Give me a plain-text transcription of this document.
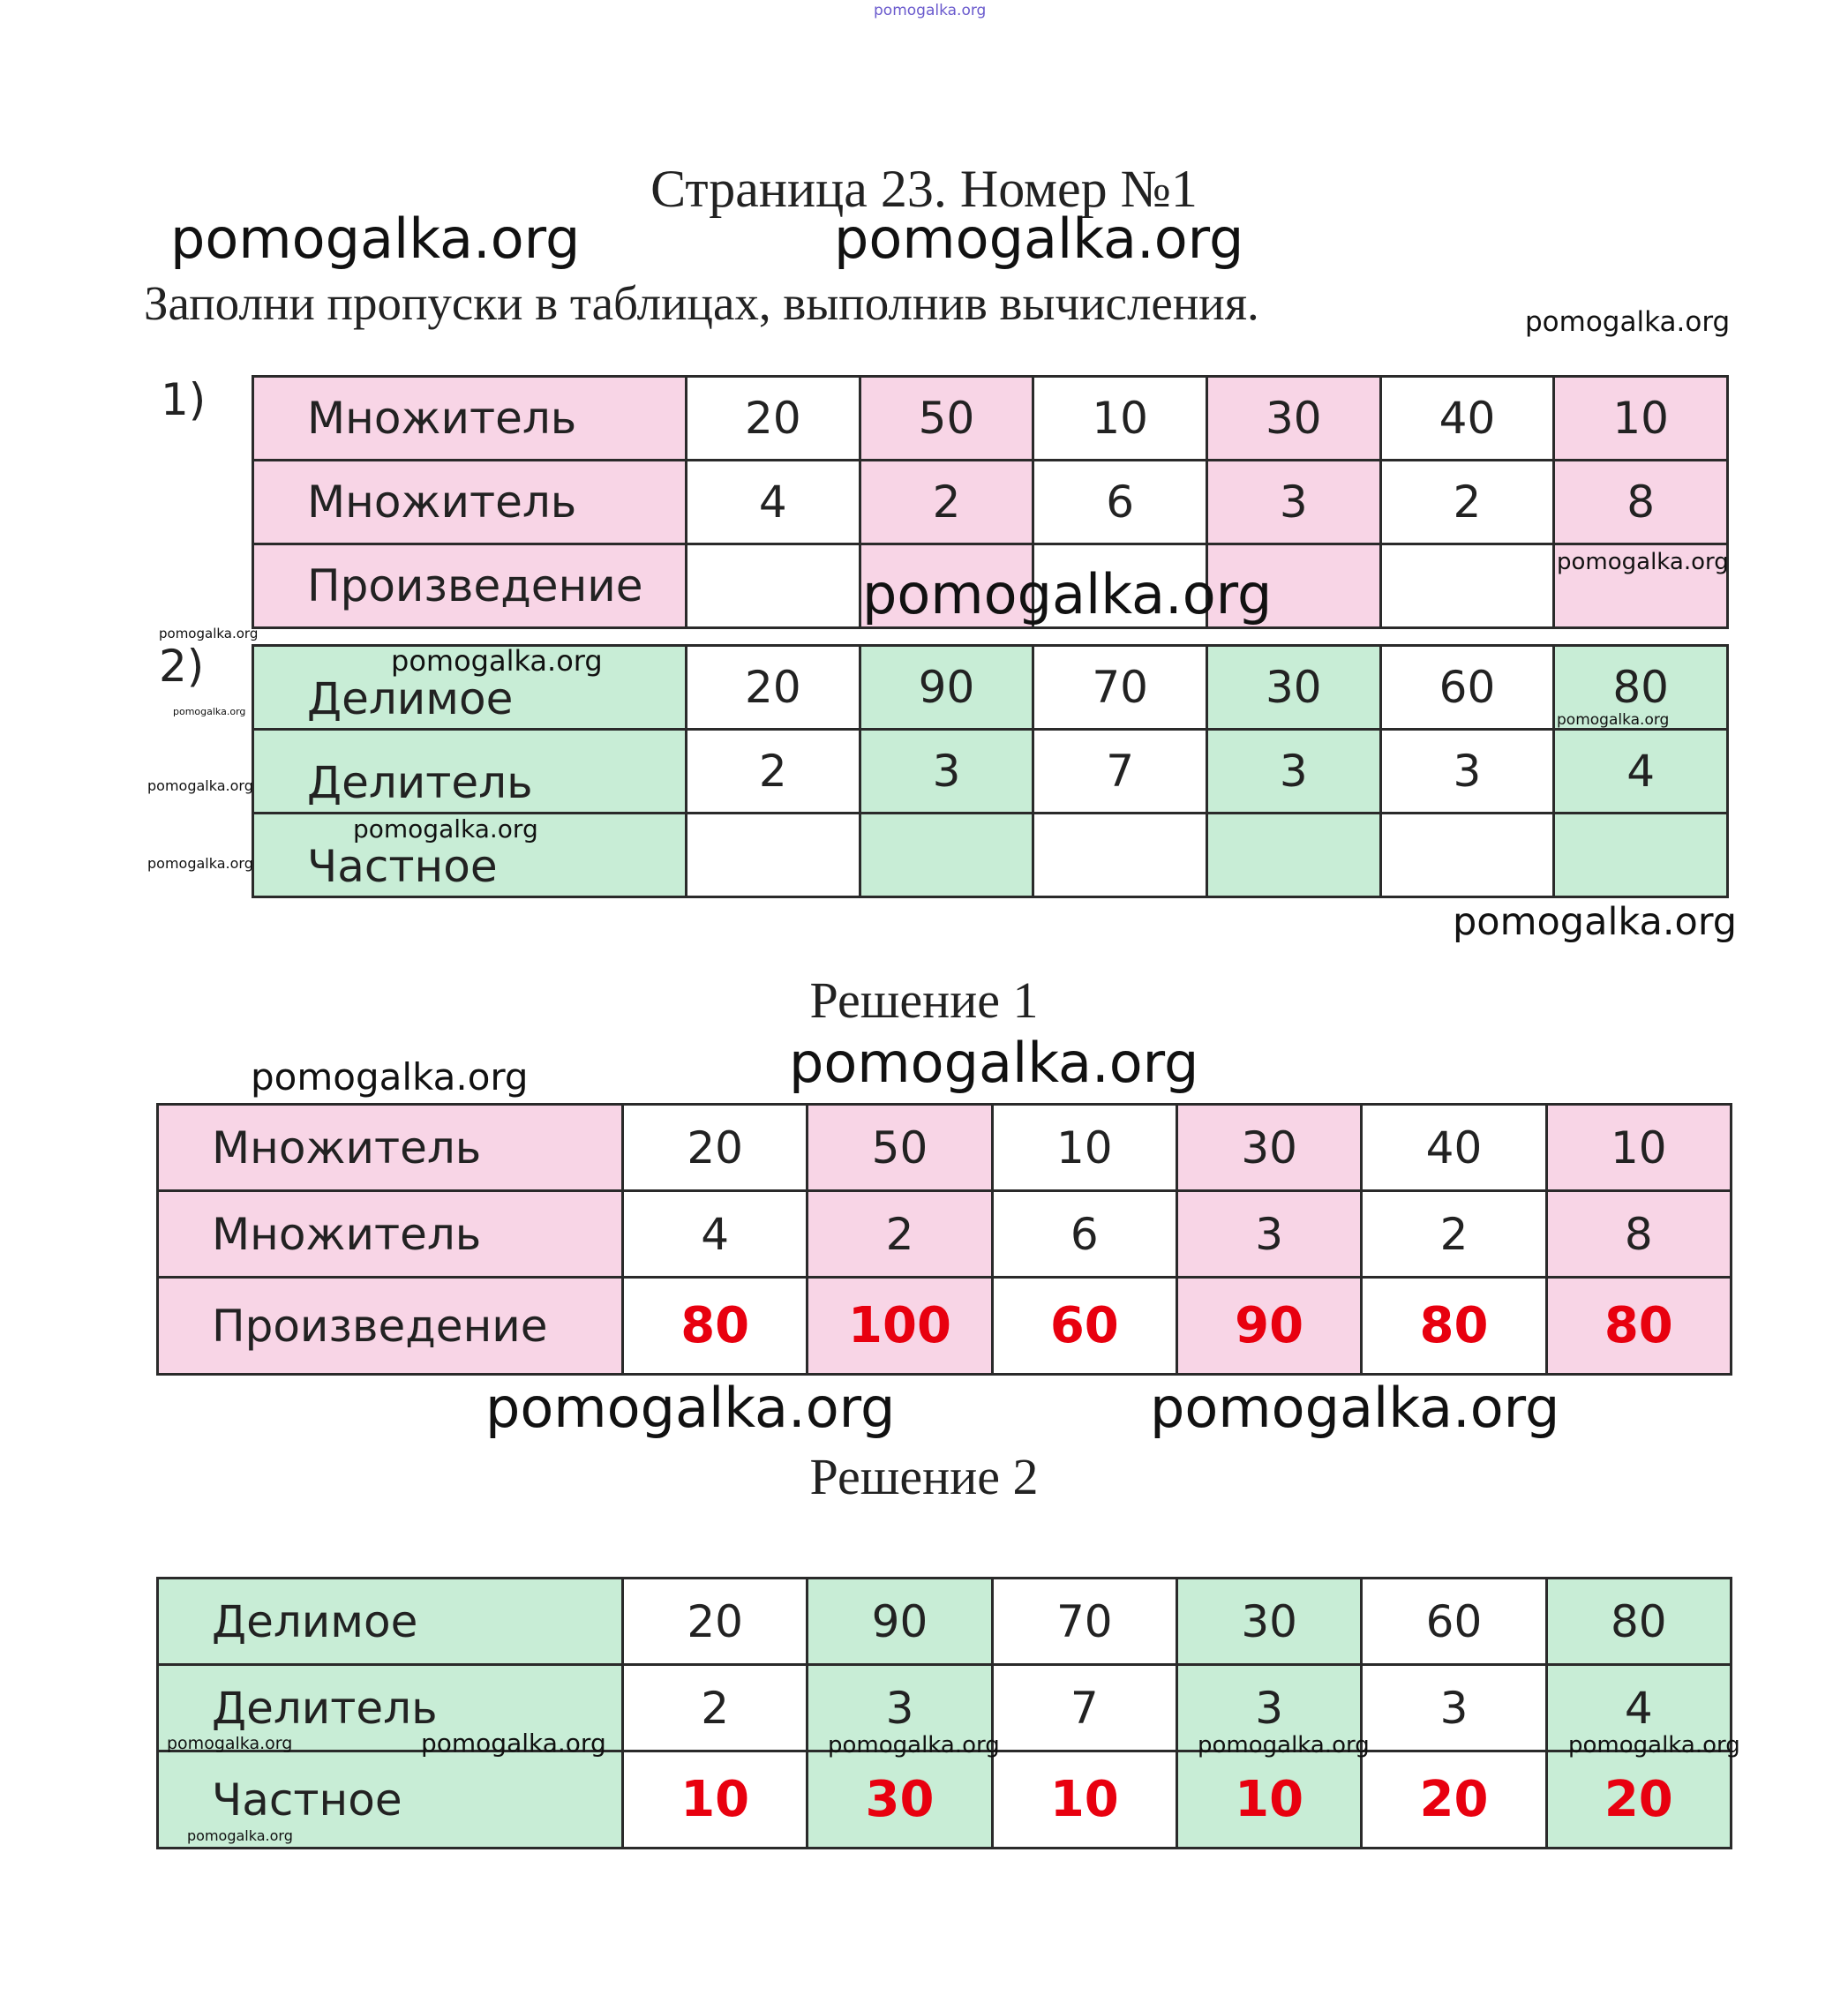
pomogalka.org
Страница 23. Номер №1
Заполни пропуски в таблицах, выполнив вычисления.
1)
2)
Решение 1
Решение 2
Множитель	20	50	10	30	40	10
Множитель	4	2	6	3	2	8
Произведение						
Делимое	20	90	70	30	60	80
Делитель	2	3	7	3	3	4
Частное						
Множитель	20	50	10	30	40	10
Множитель	4	2	6	3	2	8
Произведение	80	100	60	90	80	80
Делимое	20	90	70	30	60	80
Делитель	2	3	7	3	3	4
Частное	10	30	10	10	20	20
pomogalka.org	pomogalka.org
pomogalka.org
pomogalka.org
pomogalka.org
pomogalka.org
pomogalka.org
pomogalka.org
pomogalka.org
pomogalka.org
pomogalka.org
pomogalka.org
pomogalka.org
pomogalka.org
pomogalka.org
pomogalka.org	pomogalka.org
pomogalka.org	pomogalka.org	pomogalka.org	pomogalka.org	pomogalka.org
pomogalka.org
